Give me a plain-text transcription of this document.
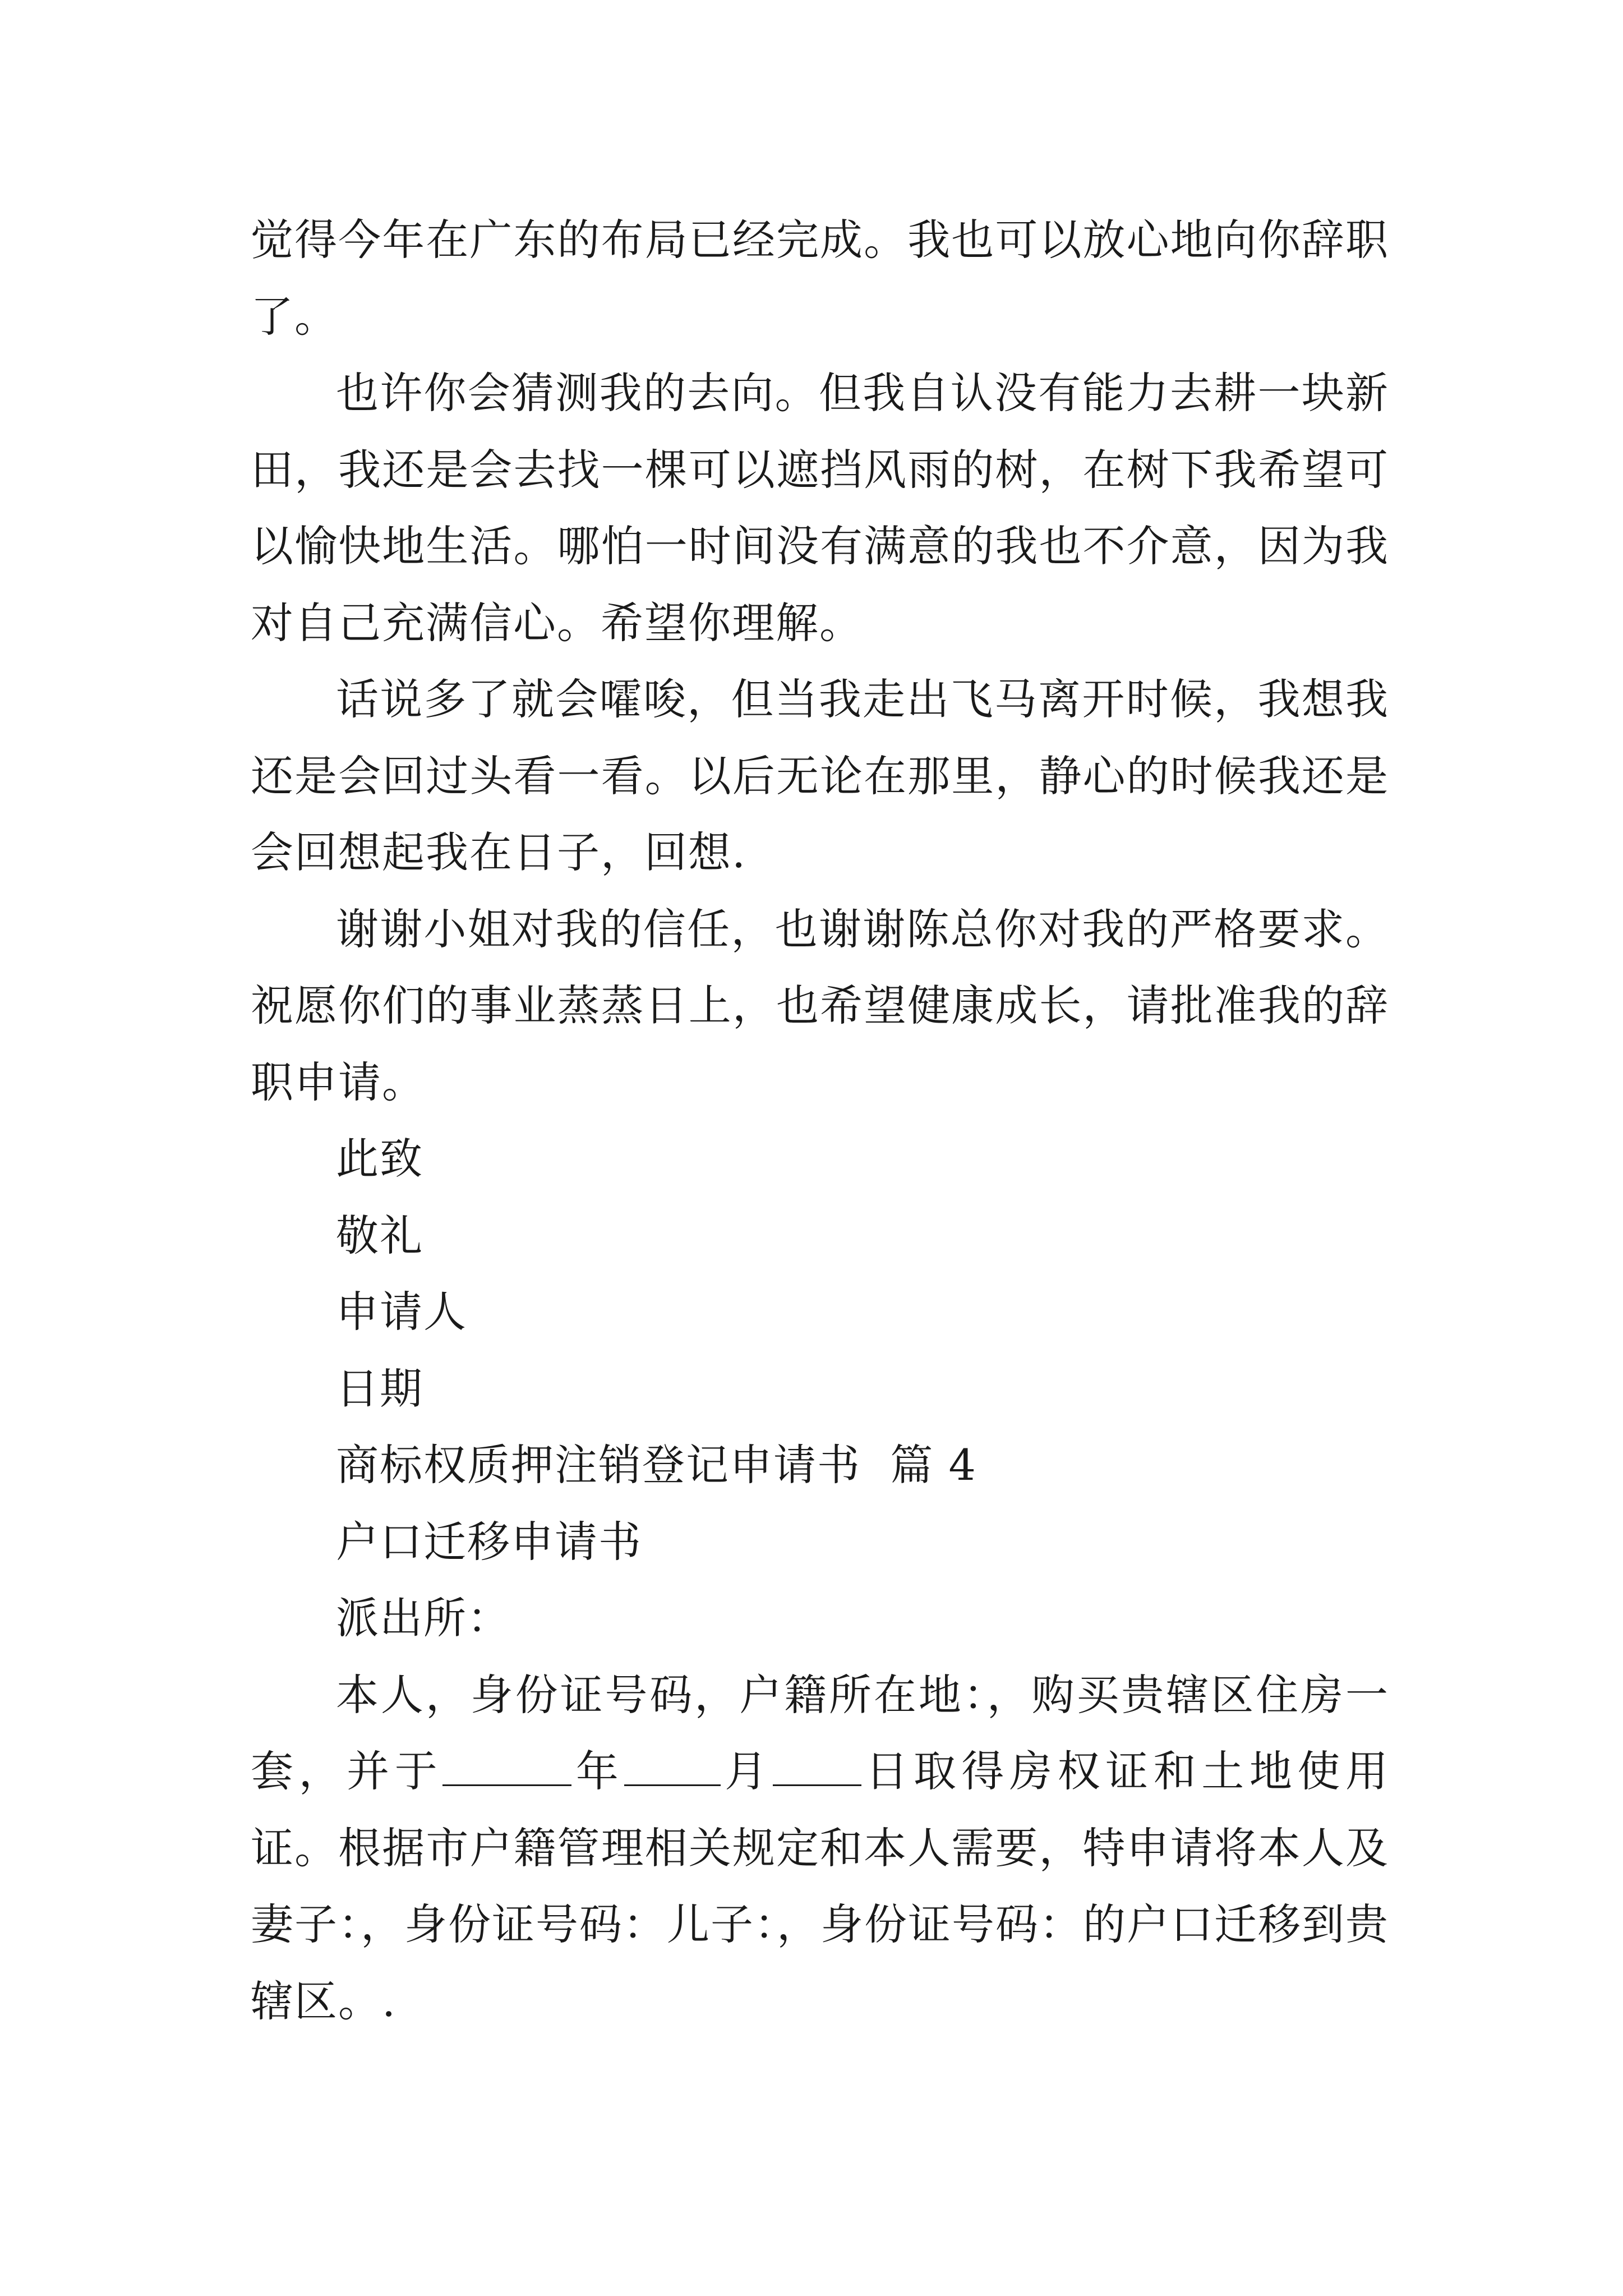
觉得今年在广东的布局已经完成。我也可以放心地向你辞职了。

也许你会猜测我的去向。但我自认没有能力去耕一块新田，我还是会去找一棵可以遮挡风雨的树，在树下我希望可以愉快地生活。哪怕一时间没有满意的我也不介意，因为我对自己充满信心。希望你理解。

话说多了就会嚯唆，但当我走出飞马离开时候，我想我还是会回过头看一看。以后无论在那里，静心的时候我还是会回想起我在日子，回想.

谢谢小姐对我的信任，也谢谢陈总你对我的严格要求。祝愿你们的事业蒸蒸日上，也希望健康成长，请批准我的辞职申请。

此致

敬礼

申请人

日期

商标权质押注销登记申请书  篇 4

户口迁移申请书

派出所：

本人，身份证号码，户籍所在地：，购买贵辖区住房一套，并于	年 月 日取得房权证和土地使用证。根据市户籍管理相关规定和本人需要，特申请将本人及妻子：，身份证号码：儿子：，身份证号码：的户口迁移到贵辖区。.
